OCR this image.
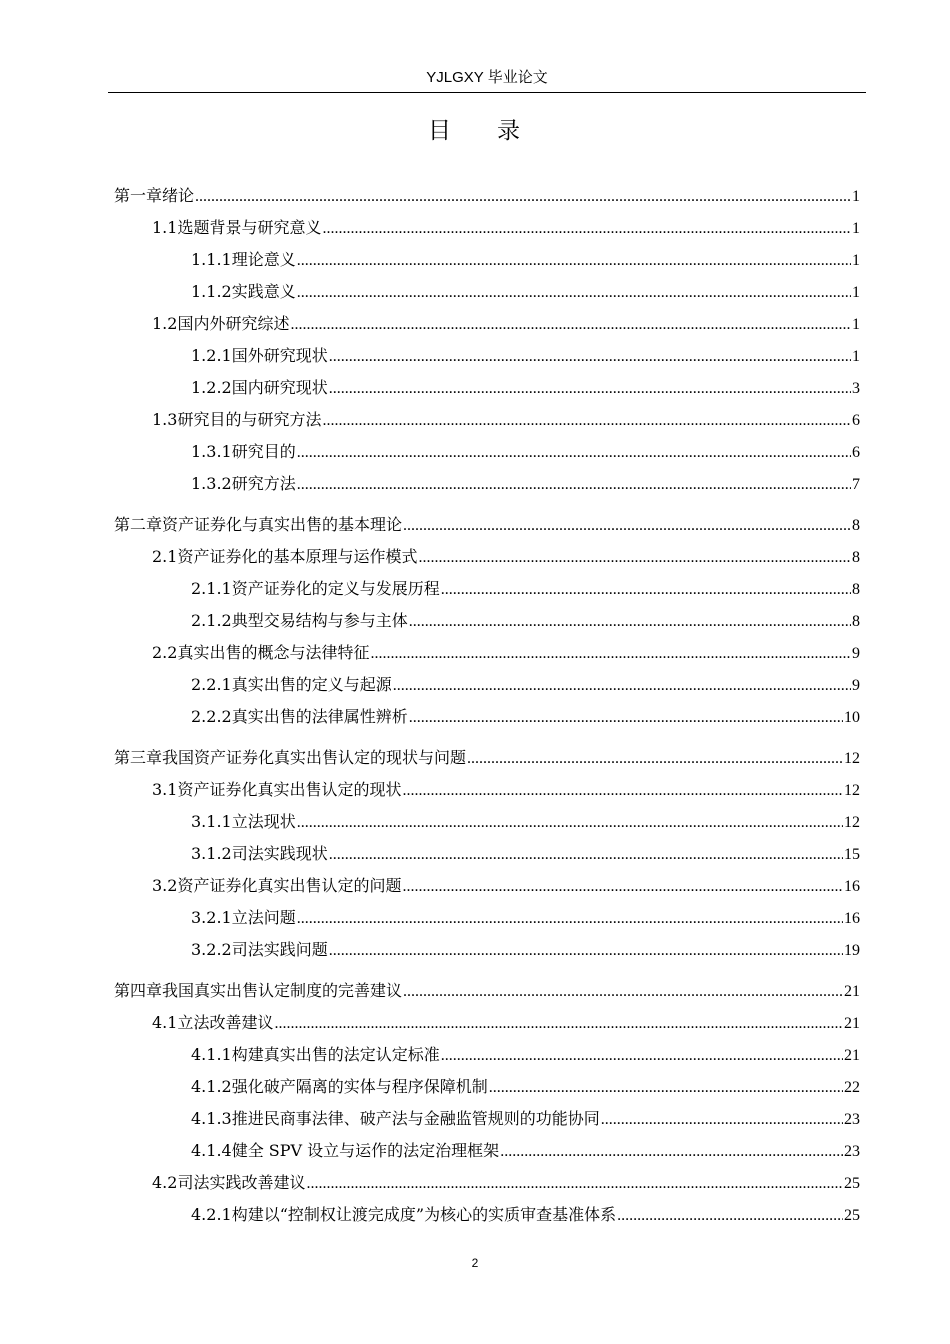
YJLGXY 毕业论文
目 录
第一章 绪论 .....	1
1.1 选题背景与研究意义 .....	1
1.1.1 理论意义 .....	1
1.1.2 实践意义 .....	1
1.2 国内外研究综述 .....	1
1.2.1 国外研究现状 .....	1
1.2.2 国内研究现状 .....	3
1.3 研究目的与研究方法 .....	6
1.3.1 研究目的 .....	6
1.3.2 研究方法 .....	7
第二章 资产证券化与真实出售的基本理论 .....	8
2.1 资产证券化的基本原理与运作模式 .....	8
2.1.1 资产证券化的定义与发展历程 .....	8
2.1.2 典型交易结构与参与主体 .....	8
2.2 真实出售的概念与法律特征 .....	9
2.2.1 真实出售的定义与起源 .....	9
2.2.2 真实出售的法律属性辨析 .....	10
第三章 我国资产证券化真实出售认定的现状与问题 .....	12
3.1 资产证券化真实出售认定的现状 .....	12
3.1.1 立法现状 .....	12
3.1.2 司法实践现状 .....	15
3.2 资产证券化真实出售认定的问题 .....	16
3.2.1 立法问题 .....	16
3.2.2 司法实践问题 .....	19
第四章 我国真实出售认定制度的完善建议 .....	21
4.1 立法改善建议 .....	21
4.1.1 构建真实出售的法定认定标准 .....	21
4.1.2 强化破产隔离的实体与程序保障机制 .....	22
4.1.3 推进民商事法律、破产法与金融监管规则的功能协同 .....	23
4.1.4 健全 SPV 设立与运作的法定治理框架 .....	23
4.2 司法实践改善建议 .....	25
4.2.1 构建以“控制权让渡完成度”为核心的实质审查基准体系 .....	25
2
